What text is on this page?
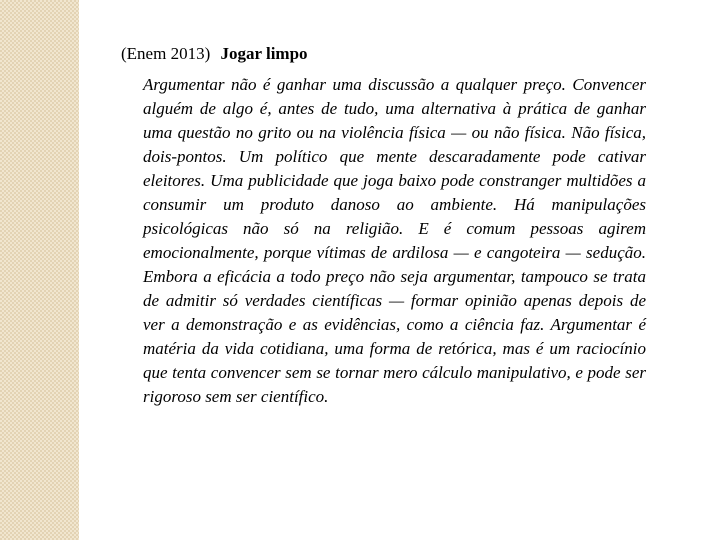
(Enem 2013) Jogar limpo

Argumentar não é ganhar uma discussão a qualquer preço. Convencer alguém de algo é, antes de tudo, uma alternativa à prática de ganhar uma questão no grito ou na violência física — ou não física. Não física, dois-pontos. Um político que mente descaradamente pode cativar eleitores. Uma publicidade que joga baixo pode constranger multidões a consumir um produto danoso ao ambiente. Há manipulações psicológicas não só na religião. E é comum pessoas agirem emocionalmente, porque vítimas de ardilosa — e cangoteira — sedução. Embora a eficácia a todo preço não seja argumentar, tampouco se trata de admitir só verdades científicas — formar opinião apenas depois de ver a demonstração e as evidências, como a ciência faz. Argumentar é matéria da vida cotidiana, uma forma de retórica, mas é um raciocínio que tenta convencer sem se tornar mero cálculo manipulativo, e pode ser rigoroso sem ser científico.
